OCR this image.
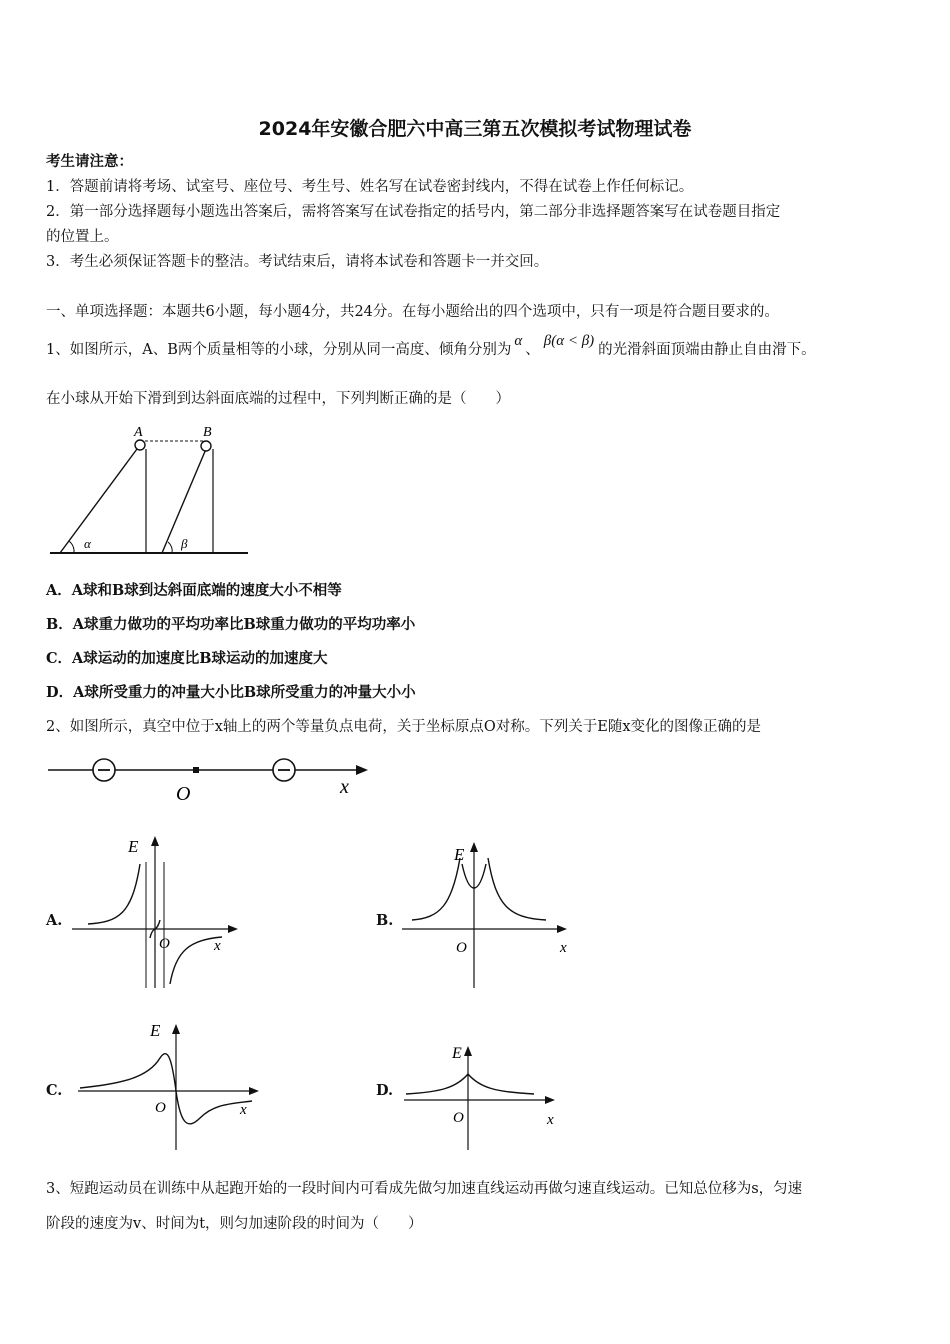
2024年安徽合肥六中高三第五次模拟考试物理试卷
考生请注意：
1．答题前请将考场、试室号、座位号、考生号、姓名写在试卷密封线内，不得在试卷上作任何标记。
2．第一部分选择题每小题选出答案后，需将答案写在试卷指定的括号内，第二部分非选择题答案写在试卷题目指定
的位置上。
3．考生必须保证答题卡的整洁。考试结束后，请将本试卷和答题卡一并交回。
一、单项选择题：本题共6小题，每小题4分，共24分。在每小题给出的四个选项中，只有一项是符合题目要求的。
1、如图所示，A、B两个质量相等的小球，分别从同一高度、倾角分别为α、β(α < β)的光滑斜面顶端由静止自由滑下。
在小球从开始下滑到到达斜面底端的过程中，下列判断正确的是（　　）
A	B
α	β
A．A球和B球到达斜面底端的速度大小不相等
B．A球重力做功的平均功率比B球重力做功的平均功率小
C．A球运动的加速度比B球运动的加速度大
D．A球所受重力的冲量大小比B球所受重力的冲量大小小
2、如图所示，真空中位于x轴上的两个等量负点电荷，关于坐标原点O对称。下列关于E随x变化的图像正确的是
O	x
E
O	x
E
O	x
E
O	x
E
O	x
A.	B.
C.	D.
3、短跑运动员在训练中从起跑开始的一段时间内可看成先做匀加速直线运动再做匀速直线运动。已知总位移为s，匀速
阶段的速度为v、时间为t，则匀加速阶段的时间为（　　）
